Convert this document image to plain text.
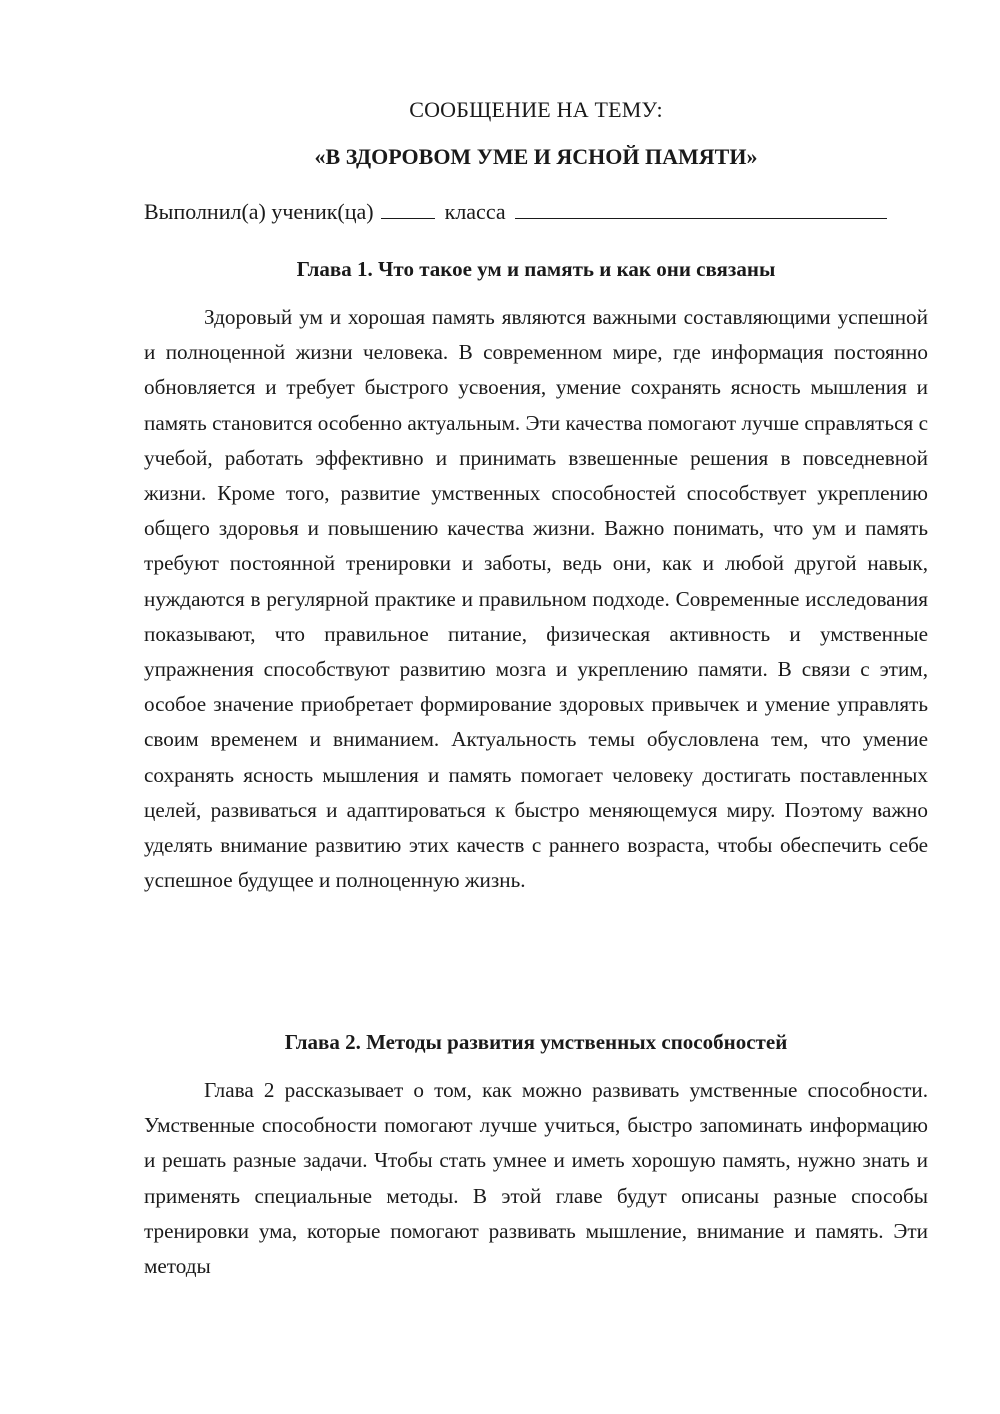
СООБЩЕНИЕ НА ТЕМУ:
«В ЗДОРОВОМ УМЕ И ЯСНОЙ ПАМЯТИ»
Выполнил(а) ученик(ца)	класса
Глава 1. Что такое ум и память и как они связаны

Здоровый ум и хорошая память являются важными составляющими успешной и полноценной жизни человека. В современном мире, где информация постоянно обновляется и требует быстрого усвоения, умение сохранять ясность мышления и память становится особенно актуальным. Эти качества помогают лучше справляться с учебой, работать эффективно и принимать взвешенные решения в повседневной жизни. Кроме того, развитие умственных способностей способствует укреплению общего здоровья и повышению качества жизни. Важно понимать, что ум и память требуют постоянной тренировки и заботы, ведь они, как и любой другой навык, нуждаются в регулярной практике и правильном подходе. Современные исследования показывают, что правильное питание, физическая активность и умственные упражнения способствуют развитию мозга и укреплению памяти. В связи с этим, особое значение приобретает формирование здоровых привычек и умение управлять своим временем и вниманием. Актуальность темы обусловлена тем, что умение сохранять ясность мышления и память помогает человеку достигать поставленных целей, развиваться и адаптироваться к быстро меняющемуся миру. Поэтому важно уделять внимание развитию этих качеств с раннего возраста, чтобы обеспечить себе успешное будущее и полноценную жизнь.

Глава 2. Методы развития умственных способностей

Глава 2 рассказывает о том, как можно развивать умственные способности. Умственные способности помогают лучше учиться, быстро запоминать информацию и решать разные задачи. Чтобы стать умнее и иметь хорошую память, нужно знать и применять специальные методы. В этой главе будут описаны разные способы тренировки ума, которые помогают развивать мышление, внимание и память. Эти методы
